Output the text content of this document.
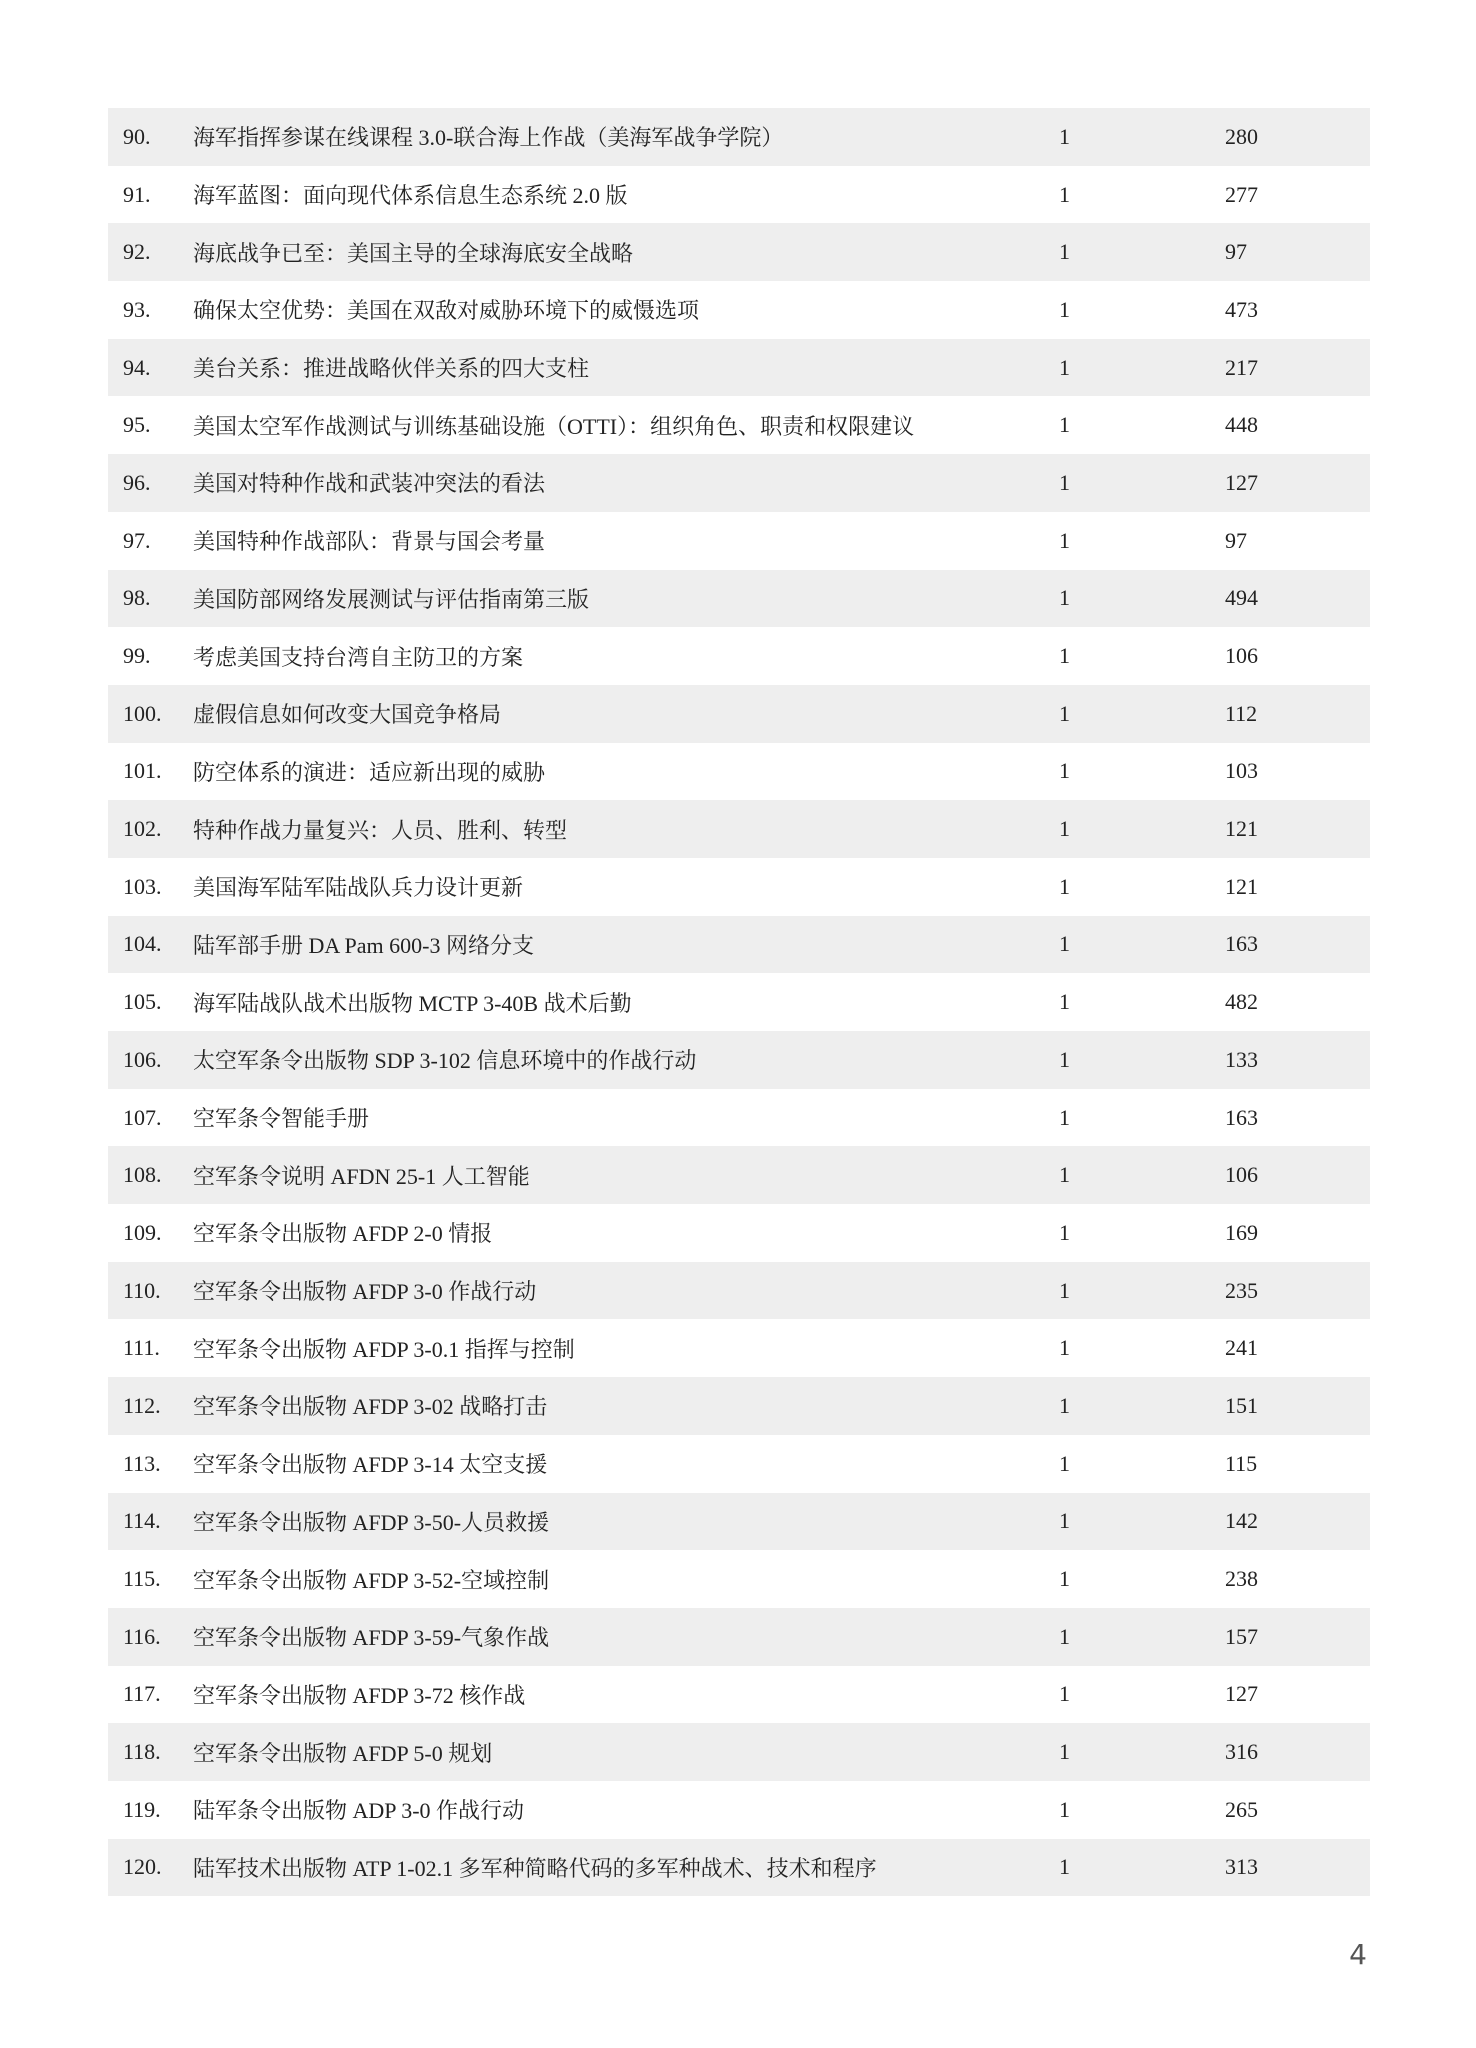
90.	海军指挥参谋在线课程 3.0-联合海上作战（美海军战争学院）	1	280
91.	海军蓝图：面向现代体系信息生态系统 2.0 版	1	277
92.	海底战争已至：美国主导的全球海底安全战略	1	97
93.	确保太空优势：美国在双敌对威胁环境下的威慑选项	1	473
94.	美台关系：推进战略伙伴关系的四大支柱	1	217
95.	美国太空军作战测试与训练基础设施（OTTI）：组织角色、职责和权限建议	1	448
96.	美国对特种作战和武装冲突法的看法	1	127
97.	美国特种作战部队：背景与国会考量	1	97
98.	美国防部网络发展测试与评估指南第三版	1	494
99.	考虑美国支持台湾自主防卫的方案	1	106
100.	虚假信息如何改变大国竞争格局	1	112
101.	防空体系的演进：适应新出现的威胁	1	103
102.	特种作战力量复兴：人员、胜利、转型	1	121
103.	美国海军陆军陆战队兵力设计更新	1	121
104.	陆军部手册 DA Pam 600-3 网络分支	1	163
105.	海军陆战队战术出版物 MCTP 3-40B 战术后勤	1	482
106.	太空军条令出版物 SDP 3-102 信息环境中的作战行动	1	133
107.	空军条令智能手册	1	163
108.	空军条令说明 AFDN 25-1 人工智能	1	106
109.	空军条令出版物 AFDP 2-0 情报	1	169
110.	空军条令出版物 AFDP 3-0 作战行动	1	235
111.	空军条令出版物 AFDP 3-0.1 指挥与控制	1	241
112.	空军条令出版物 AFDP 3-02 战略打击	1	151
113.	空军条令出版物 AFDP 3-14 太空支援	1	115
114.	空军条令出版物 AFDP 3-50-人员救援	1	142
115.	空军条令出版物 AFDP 3-52-空域控制	1	238
116.	空军条令出版物 AFDP 3-59-气象作战	1	157
117.	空军条令出版物 AFDP 3-72 核作战	1	127
118.	空军条令出版物 AFDP 5-0 规划	1	316
119.	陆军条令出版物 ADP 3-0 作战行动	1	265
120.	陆军技术出版物 ATP 1-02.1 多军种简略代码的多军种战术、技术和程序	1	313
4
